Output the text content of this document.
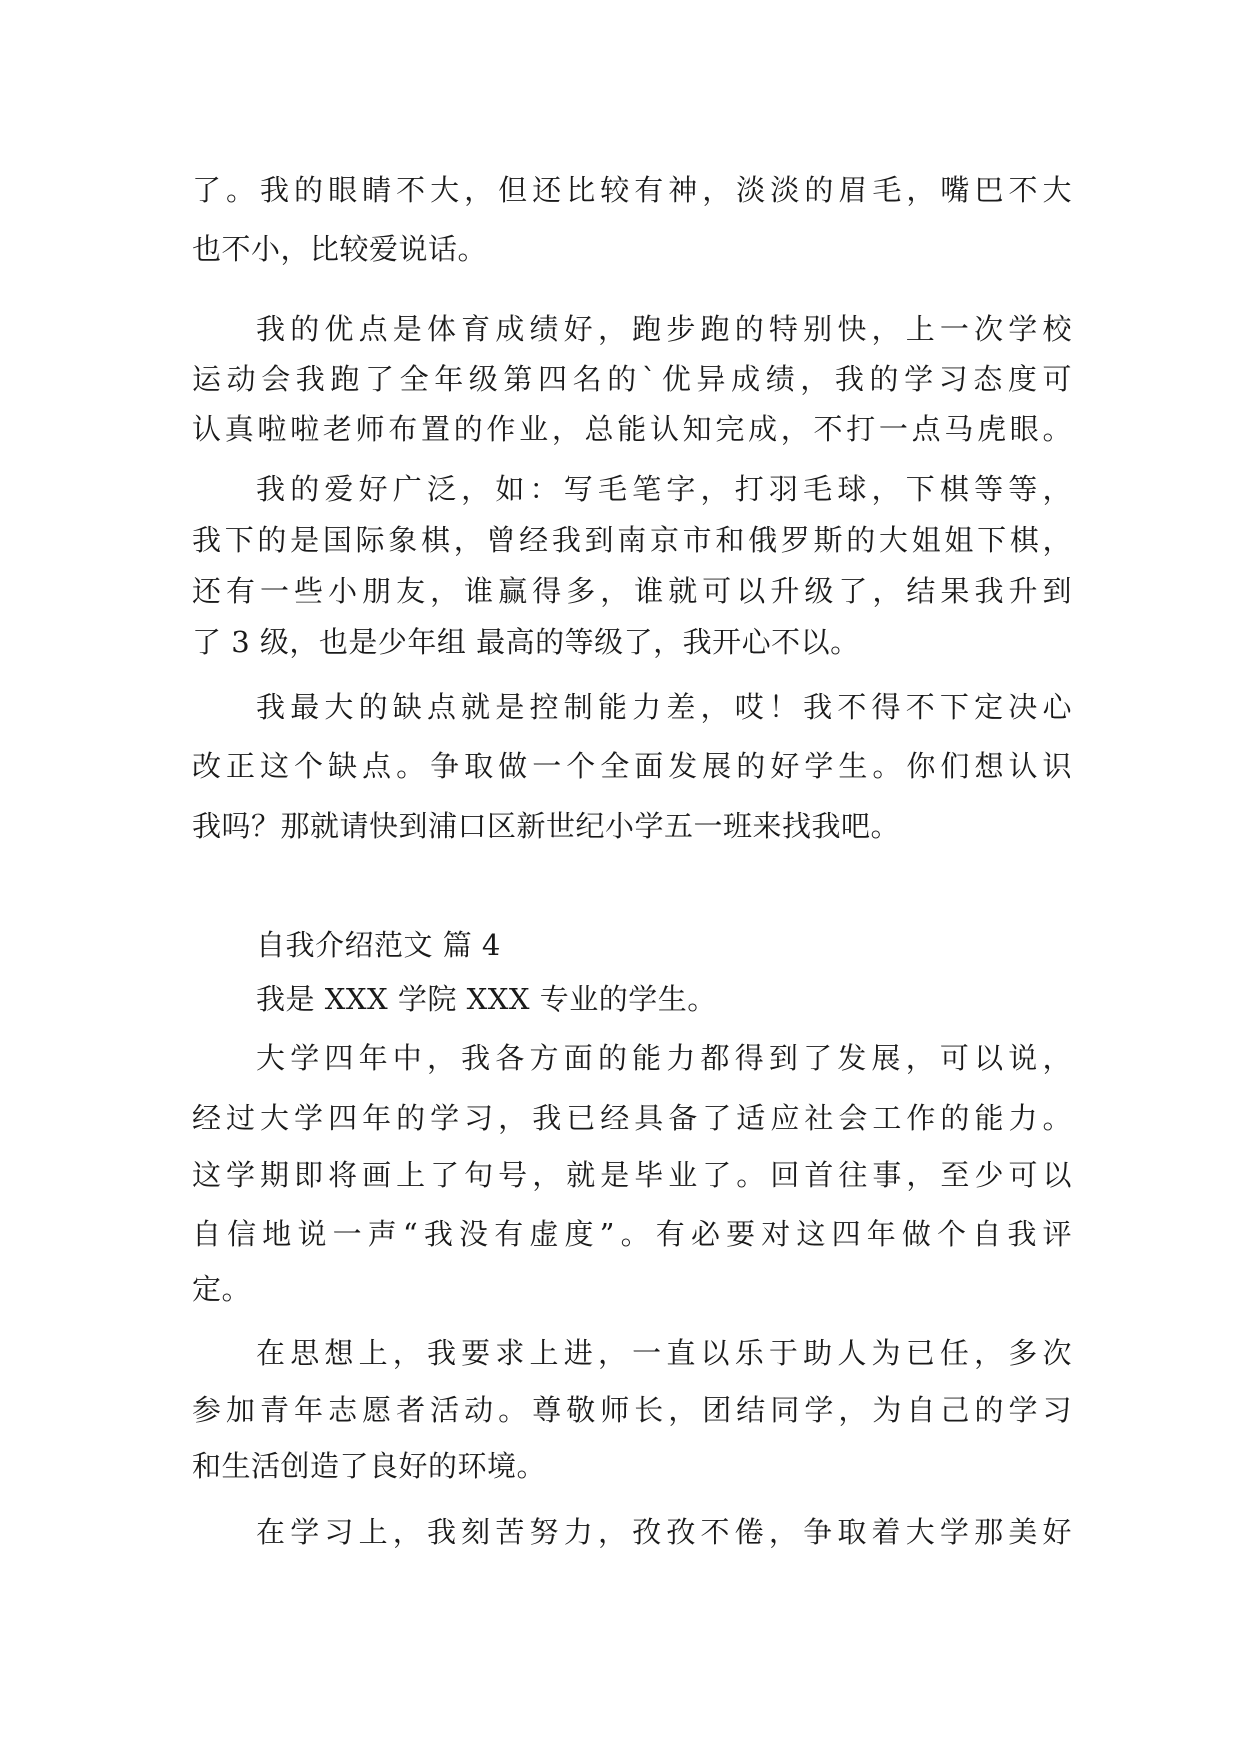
了。我的眼睛不大，但还比较有神，淡淡的眉毛，嘴巴不大
也不小，比较爱说话。
我的优点是体育成绩好，跑步跑的特别快，上一次学校
运动会我跑了全年级第四名的`优异成绩，我的学习态度可
认真啦啦老师布置的作业，总能认知完成，不打一点马虎眼。
我的爱好广泛，如：写毛笔字，打羽毛球，下棋等等，
我下的是国际象棋，曾经我到南京市和俄罗斯的大姐姐下棋，
还有一些小朋友，谁赢得多，谁就可以升级了，结果我升到
了 3 级，也是少年组 最高的等级了，我开心不以。
我最大的缺点就是控制能力差，哎！我不得不下定决心
改正这个缺点。争取做一个全面发展的好学生。你们想认识
我吗？那就请快到浦口区新世纪小学五一班来找我吧。
自我介绍范文 篇 4
我是 XXX 学院 XXX 专业的学生。
大学四年中，我各方面的能力都得到了发展，可以说，
经过大学四年的学习，我已经具备了适应社会工作的能力。
这学期即将画上了句号，就是毕业了。回首往事，至少可以
自信地说一声“我没有虚度”。有必要对这四年做个自我评
定。
在思想上，我要求上进，一直以乐于助人为已任，多次
参加青年志愿者活动。尊敬师长，团结同学，为自己的学习
和生活创造了良好的环境。
在学习上，我刻苦努力，孜孜不倦，争取着大学那美好
